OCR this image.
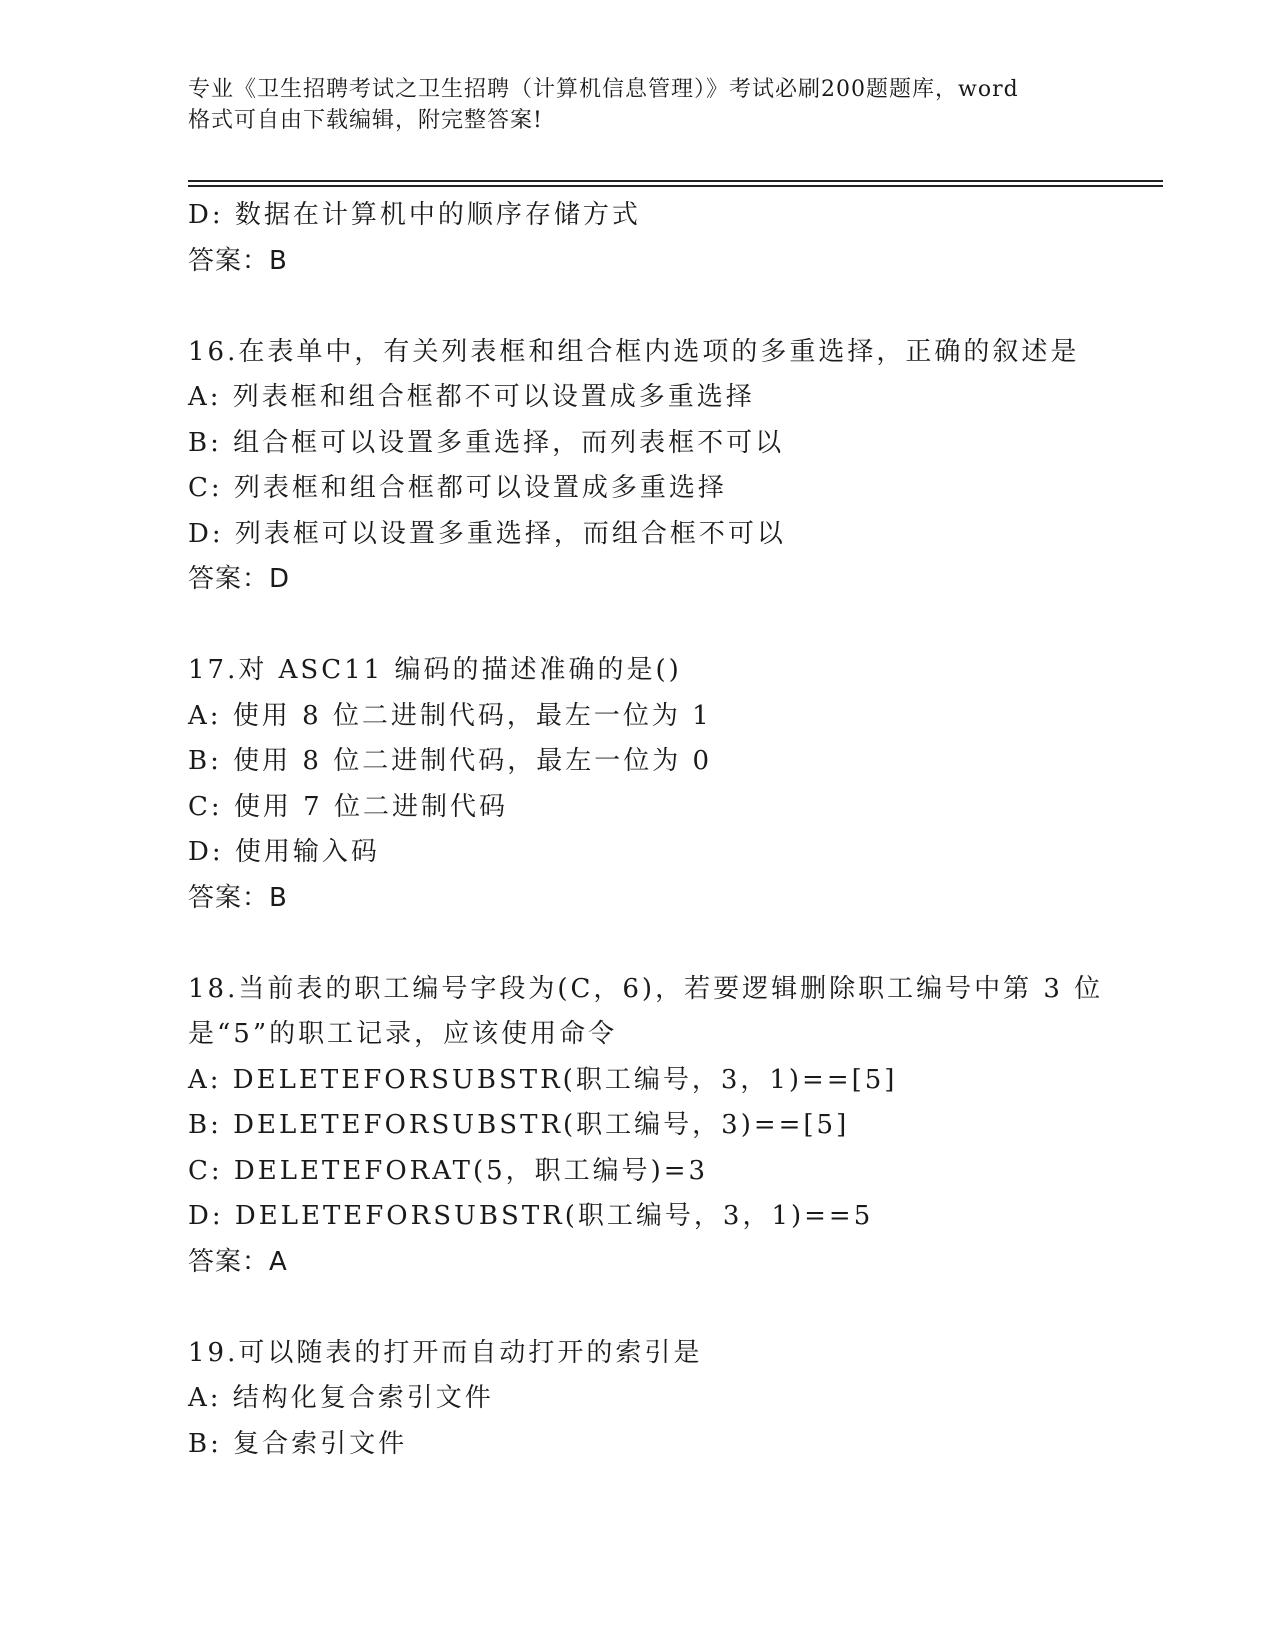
专业《卫生招聘考试之卫生招聘（计算机信息管理）》考试必刷200题题库，word
格式可自由下载编辑，附完整答案!
D: 数据在计算机中的顺序存储方式
答案：B
16.在表单中，有关列表框和组合框内选项的多重选择，正确的叙述是
A: 列表框和组合框都不可以设置成多重选择
B: 组合框可以设置多重选择，而列表框不可以
C: 列表框和组合框都可以设置成多重选择
D: 列表框可以设置多重选择，而组合框不可以
答案：D
17.对 ASC11 编码的描述准确的是()
A: 使用 8 位二进制代码，最左一位为 1
B: 使用 8 位二进制代码，最左一位为 0
C: 使用 7 位二进制代码
D: 使用输入码
答案：B
18.当前表的职工编号字段为(C，6)，若要逻辑删除职工编号中第 3 位
是“5”的职工记录，应该使用命令
A: DELETEFORSUBSTR(职工编号，3，1)==[5]
B: DELETEFORSUBSTR(职工编号，3)==[5]
C: DELETEFORAT(5，职工编号)=3
D: DELETEFORSUBSTR(职工编号，3，1)==5
答案：A
19.可以随表的打开而自动打开的索引是
A: 结构化复合索引文件
B: 复合索引文件
